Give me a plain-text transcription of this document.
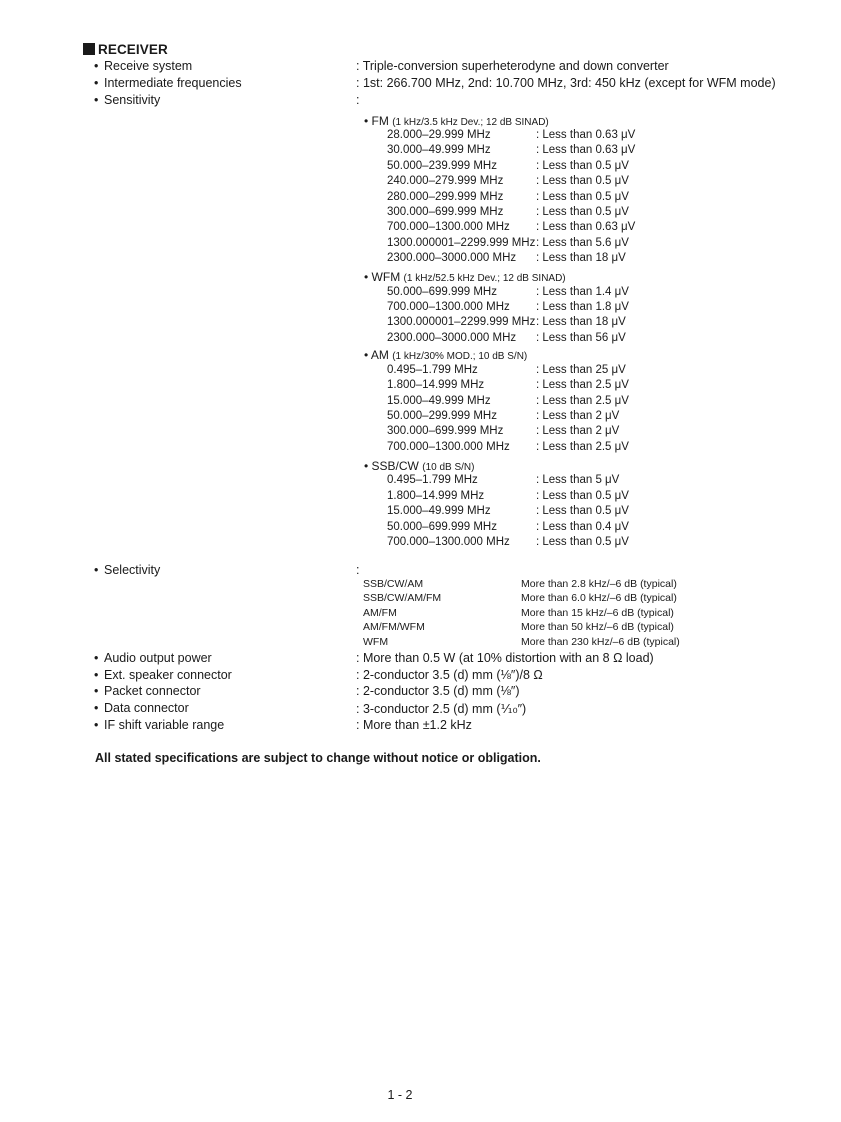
RECEIVER
• Receive system	: Triple-conversion superheterodyne and down converter
• Intermediate frequencies	: 1st: 266.700 MHz, 2nd: 10.700 MHz, 3rd: 450 kHz (except for WFM mode)
• Sensitivity	:
• FM (1 kHz/3.5 kHz Dev.; 12 dB SINAD)
28.000–29.999 MHz	: Less than 0.63 μV
30.000–49.999 MHz	: Less than 0.63 μV
50.000–239.999 MHz	: Less than 0.5 μV
240.000–279.999 MHz	: Less than 0.5 μV
280.000–299.999 MHz	: Less than 0.5 μV
300.000–699.999 MHz	: Less than 0.5 μV
700.000–1300.000 MHz : Less than 0.63 μV
1300.000001–2299.999 MHz : Less than 5.6 μV
2300.000–3000.000 MHz : Less than 18 μV
• WFM (1 kHz/52.5 kHz Dev.; 12 dB SINAD)
50.000–699.999 MHz	: Less than 1.4 μV
700.000–1300.000 MHz : Less than 1.8 μV
1300.000001–2299.999 MHz : Less than 18 μV
2300.000–3000.000 MHz : Less than 56 μV
• AM (1 kHz/30% MOD.; 10 dB S/N)
0.495–1.799 MHz	: Less than 25 μV
1.800–14.999 MHz	: Less than 2.5 μV
15.000–49.999 MHz	: Less than 2.5 μV
50.000–299.999 MHz	: Less than 2 μV
300.000–699.999 MHz	: Less than 2 μV
700.000–1300.000 MHz : Less than 2.5 μV
• SSB/CW (10 dB S/N)
0.495–1.799 MHz	: Less than 5 μV
1.800–14.999 MHz	: Less than 0.5 μV
15.000–49.999 MHz	: Less than 0.5 μV
50.000–699.999 MHz	: Less than 0.4 μV
700.000–1300.000 MHz : Less than 0.5 μV
• Selectivity	:
SSB/CW/AM	More than 2.8 kHz/–6 dB (typical)
SSB/CW/AM/FM	More than 6.0 kHz/–6 dB (typical)
AM/FM	More than 15 kHz/–6 dB (typical)
AM/FM/WFM	More than 50 kHz/–6 dB (typical)
WFM	More than 230 kHz/–6 dB (typical)
• Audio output power	: More than 0.5 W (at 10% distortion with an 8 Ω load)
• Ext. speaker connector	: 2-conductor 3.5 (d) mm (⅛″)/8 Ω
• Packet connector	: 2-conductor 3.5 (d) mm (⅛″)
• Data connector	: 3-conductor 2.5 (d) mm (⅒″)
• IF shift variable range	: More than ±1.2 kHz
All stated specifications are subject to change without notice or obligation.
1 - 2
